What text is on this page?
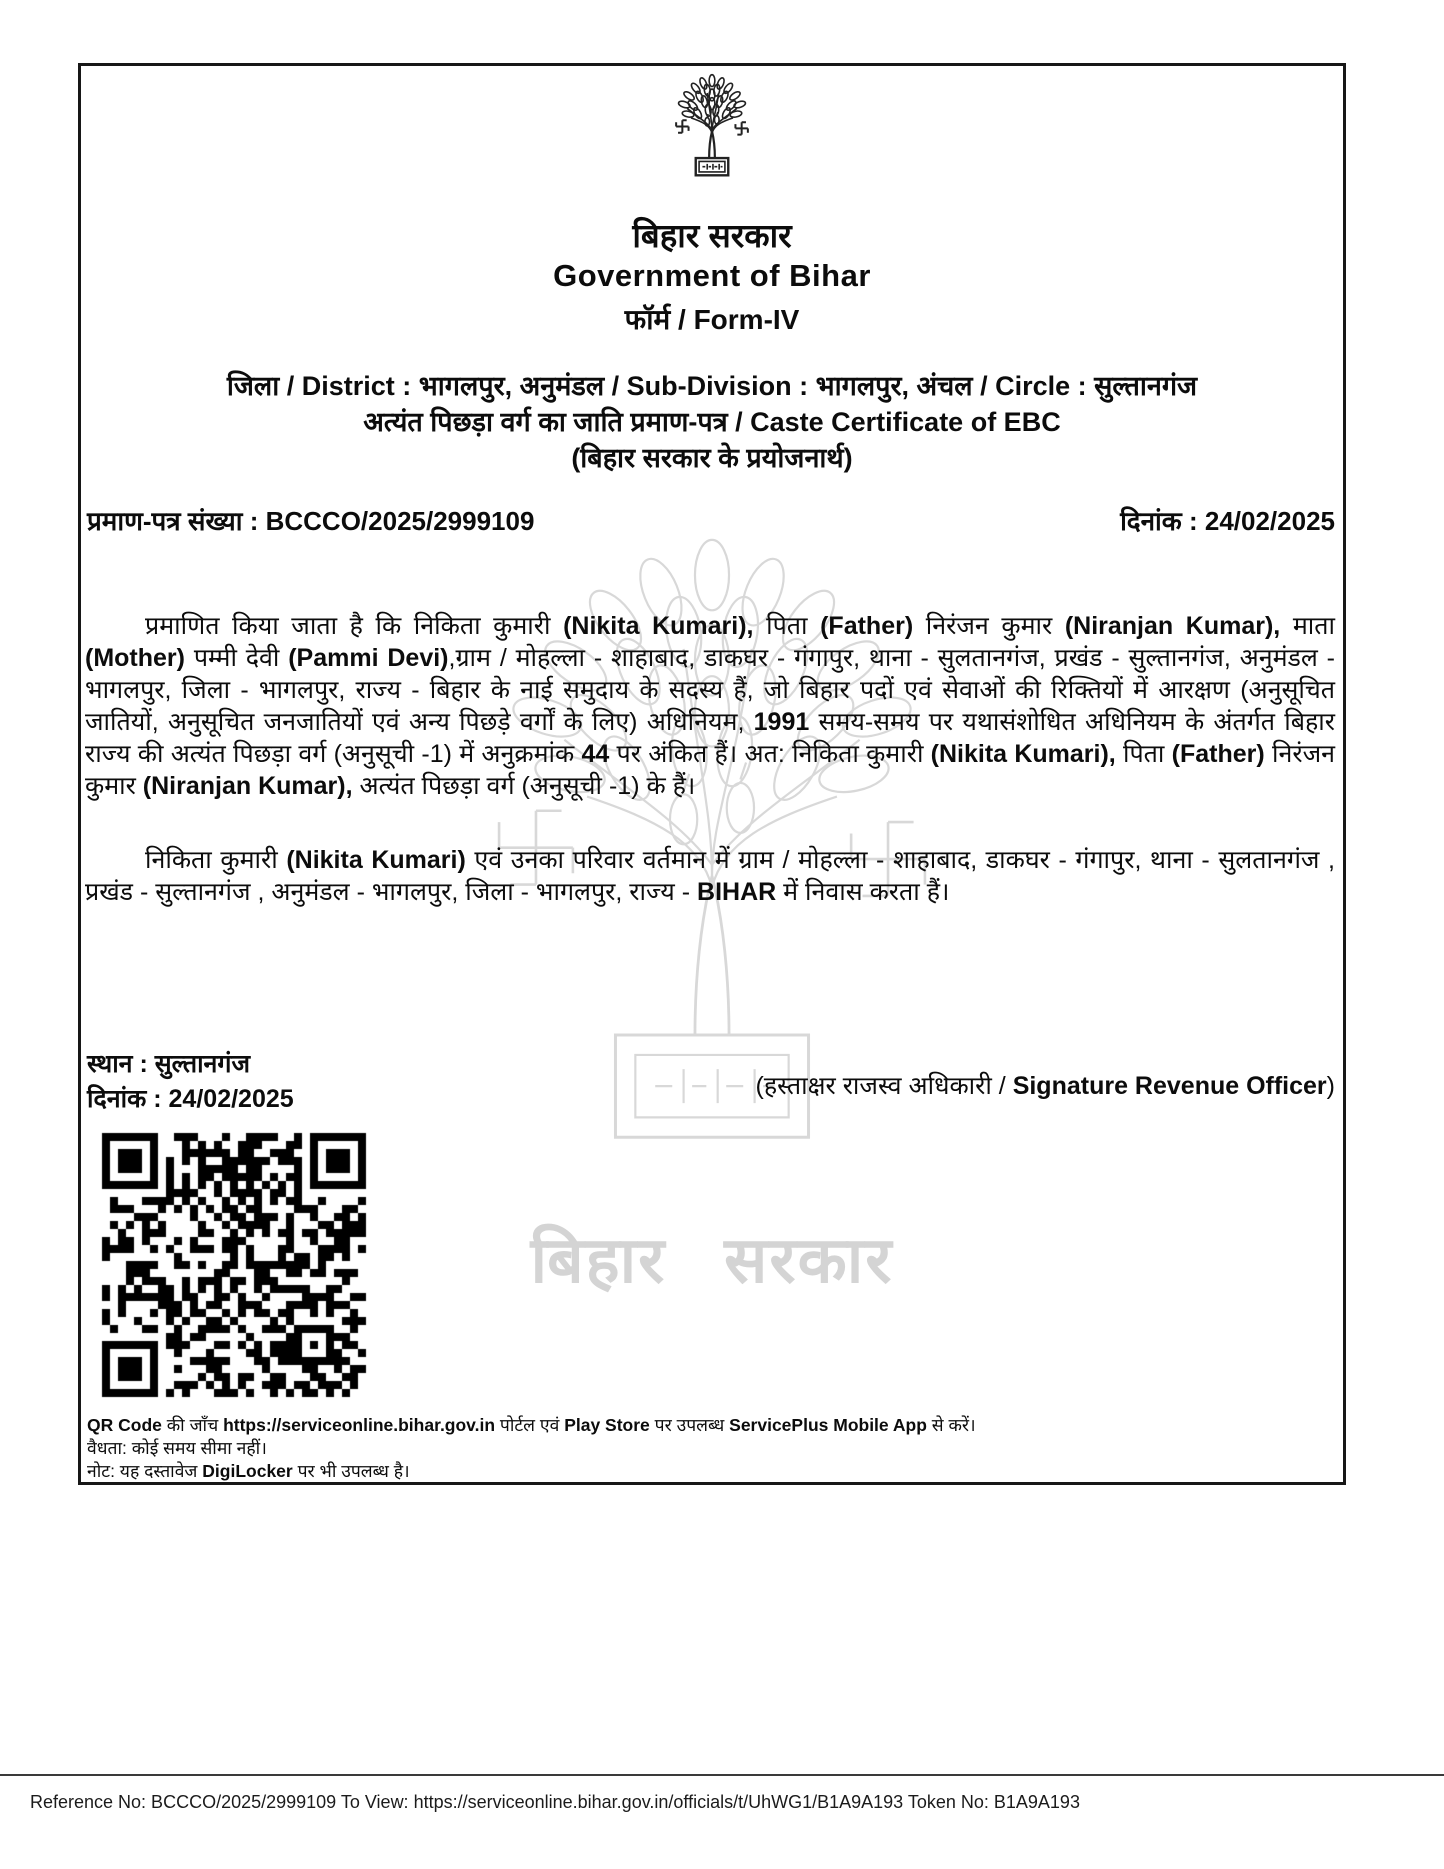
बिहार सरकार
बिहार सरकार
Government of Bihar
फॉर्म / Form-IV
जिला / District : भागलपुर, अनुमंडल / Sub-Division : भागलपुर, अंचल / Circle : सुल्तानगंज
अत्यंत पिछड़ा वर्ग का जाति प्रमाण-पत्र / Caste Certificate of EBC
(बिहार सरकार के प्रयोजनार्थ)
प्रमाण-पत्र संख्या : BCCCO/2025/2999109	दिनांक : 24/02/2025
प्रमाणित किया जाता है कि निकिता कुमारी (Nikita Kumari), पिता (Father) निरंजन कुमार (Niranjan Kumar), माता (Mother) पम्मी देवी (Pammi Devi),ग्राम / मोहल्ला - शाहाबाद, डाकघर - गंगापुर, थाना - सुलतानगंज, प्रखंड - सुल्तानगंज, अनुमंडल - भागलपुर, जिला - भागलपुर, राज्य - बिहार के नाई समुदाय के सदस्य हैं, जो बिहार पदों एवं सेवाओं की रिक्तियों में आरक्षण (अनुसूचित जातियों, अनुसूचित जनजातियों एवं अन्य पिछड़े वर्गों के लिए) अधिनियम, 1991 समय-समय पर यथासंशोधित अधिनियम के अंतर्गत बिहार राज्य की अत्यंत पिछड़ा वर्ग (अनुसूची -1) में अनुक्रमांक 44 पर अंकित हैं। अत: निकिता कुमारी (Nikita Kumari), पिता (Father) निरंजन कुमार (Niranjan Kumar), अत्यंत पिछड़ा वर्ग (अनुसूची -1) के हैं।
निकिता कुमारी (Nikita Kumari) एवं उनका परिवार वर्तमान में ग्राम / मोहल्ला - शाहाबाद, डाकघर - गंगापुर, थाना - सुलतानगंज , प्रखंड - सुल्तानगंज , अनुमंडल - भागलपुर, जिला - भागलपुर, राज्य - BIHAR में निवास करता हैं।
स्थान : सुल्तानगंज
दिनांक : 24/02/2025	(हस्ताक्षर राजस्व अधिकारी / Signature Revenue Officer)
QR Code की जाँच https://serviceonline.bihar.gov.in पोर्टल एवं Play Store पर उपलब्ध ServicePlus Mobile App से करें।
वैधता: कोई समय सीमा नहीं।
नोट: यह दस्तावेज DigiLocker पर भी उपलब्ध है।
Reference No: BCCCO/2025/2999109 To View: https://serviceonline.bihar.gov.in/officials/t/UhWG1/B1A9A193 Token No: B1A9A193
